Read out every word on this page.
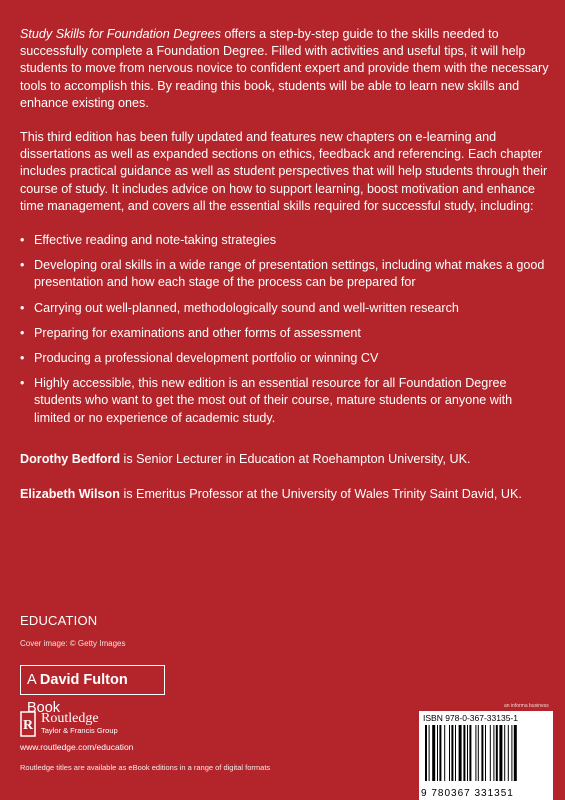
Study Skills for Foundation Degrees offers a step-by-step guide to the skills needed to successfully complete a Foundation Degree. Filled with activities and useful tips, it will help students to move from nervous novice to confident expert and provide them with the necessary tools to accomplish this. By reading this book, students will be able to learn new skills and enhance existing ones.

This third edition has been fully updated and features new chapters on e-learning and dissertations as well as expanded sections on ethics, feedback and referencing. Each chapter includes practical guidance as well as student perspectives that will help students through their course of study. It includes advice on how to support learning, boost motivation and enhance time management, and covers all the essential skills required for successful study, including:

• Effective reading and note-taking strategies
• Developing oral skills in a wide range of presentation settings, including what makes a good presentation and how each stage of the process can be prepared for
• Carrying out well-planned, methodologically sound and well-written research
• Preparing for examinations and other forms of assessment
• Producing a professional development portfolio or winning CV
• Highly accessible, this new edition is an essential resource for all Foundation Degree students who want to get the most out of their course, mature students or anyone with limited or no experience of academic study.
Dorothy Bedford is Senior Lecturer in Education at Roehampton University, UK.
Elizabeth Wilson is Emeritus Professor at the University of Wales Trinity Saint David, UK.
EDUCATION
Cover image: © Getty Images
A David Fulton Book
R Routledge
Taylor & Francis Group
www.routledge.com/education
Routledge titles are available as eBook editions in a range of digital formats
an informa business
ISBN 978-0-367-33135-1
9 780367 331351
